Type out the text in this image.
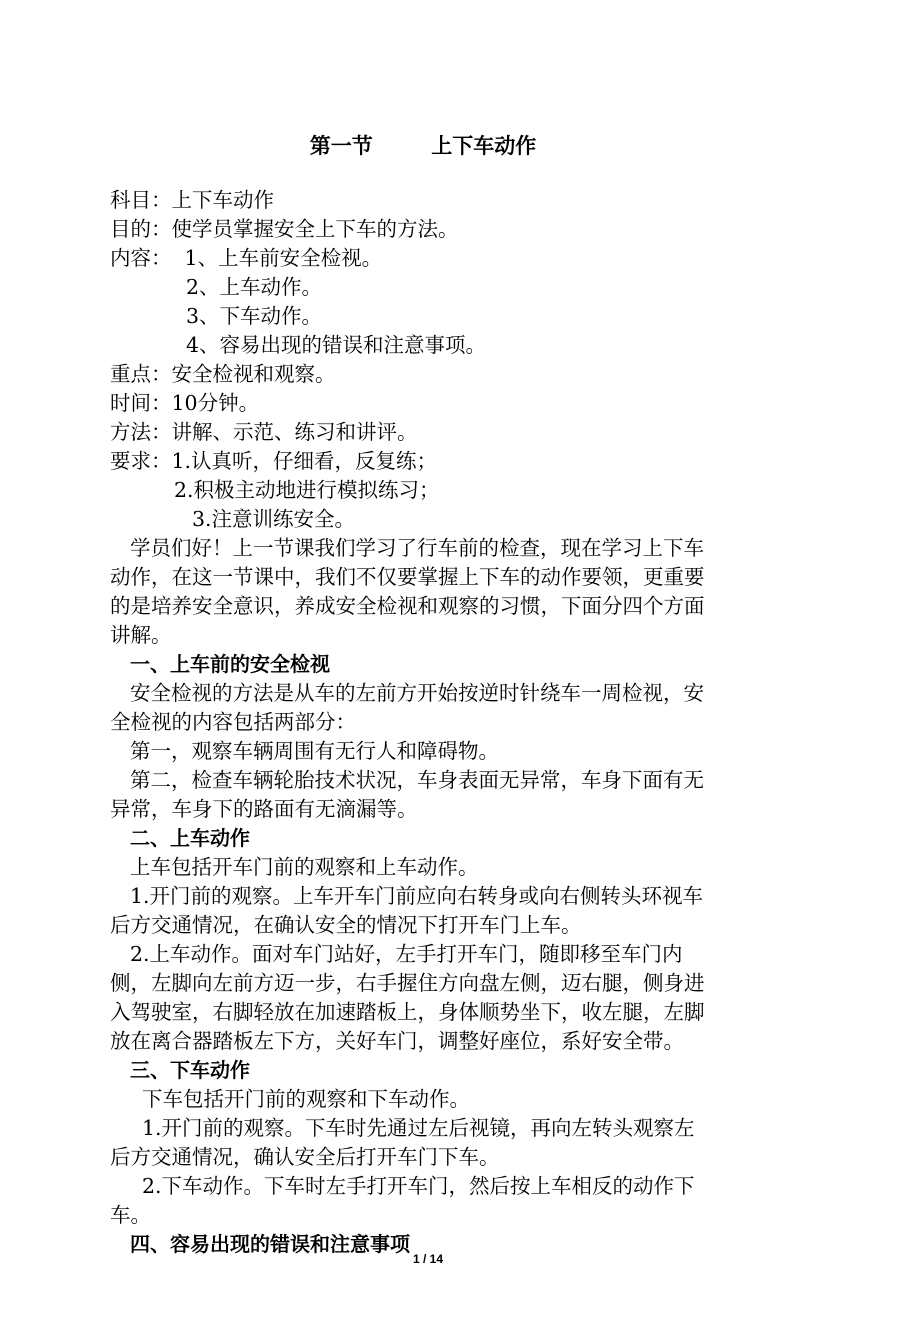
第一节        上下车动作
科目：上下车动作
目的：使学员掌握安全上下车的方法。
内容：  1、上车前安全检视。
2、上车动作。
3、下车动作。
4、容易出现的错误和注意事项。
重点：安全检视和观察。
时间：10分钟。
方法：讲解、示范、练习和讲评。
要求：1.认真听，仔细看，反复练；
2.积极主动地进行模拟练习；
3.注意训练安全。
学员们好！上一节课我们学习了行车前的检查，现在学习上下车
动作，在这一节课中，我们不仅要掌握上下车的动作要领，更重要
的是培养安全意识，养成安全检视和观察的习惯，下面分四个方面
讲解。
一、上车前的安全检视
安全检视的方法是从车的左前方开始按逆时针绕车一周检视，安
全检视的内容包括两部分：
第一，观察车辆周围有无行人和障碍物。
第二，检查车辆轮胎技术状况，车身表面无异常，车身下面有无
异常，车身下的路面有无滴漏等。
二、上车动作
上车包括开车门前的观察和上车动作。
1.开门前的观察。上车开车门前应向右转身或向右侧转头环视车
后方交通情况，在确认安全的情况下打开车门上车。
2.上车动作。面对车门站好，左手打开车门，随即移至车门内
侧，左脚向左前方迈一步，右手握住方向盘左侧，迈右腿，侧身进
入驾驶室，右脚轻放在加速踏板上，身体顺势坐下，收左腿，左脚
放在离合器踏板左下方，关好车门，调整好座位，系好安全带。
三、下车动作
下车包括开门前的观察和下车动作。
1.开门前的观察。下车时先通过左后视镜，再向左转头观察左
后方交通情况，确认安全后打开车门下车。
2.下车动作。下车时左手打开车门，然后按上车相反的动作下
车。
四、容易出现的错误和注意事项
1 / 14
